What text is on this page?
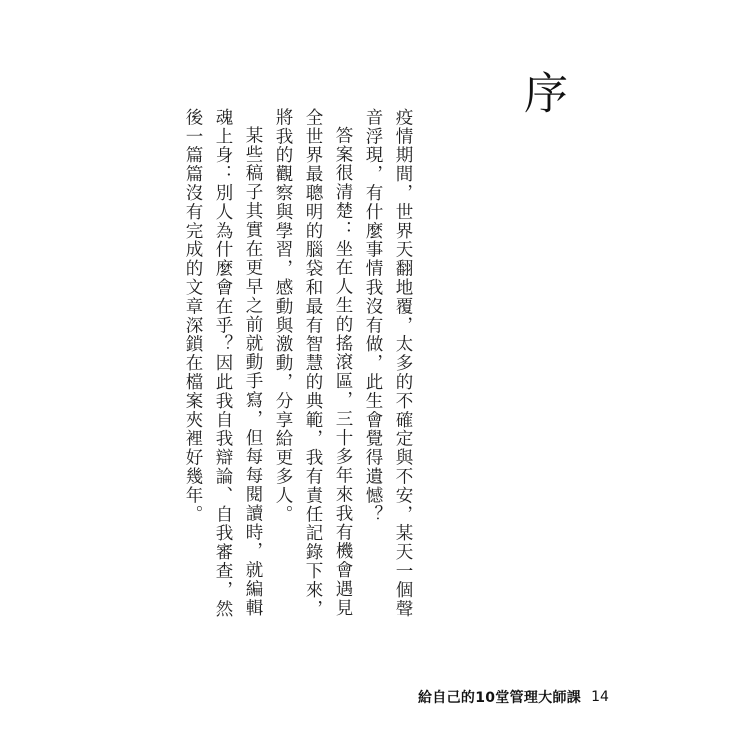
序

疫情期間，世界天翻地覆，太多的不確定與不安，某天一個聲音浮現，有什麼事情我沒有做，此生會覺得遺憾？

答案很清楚：坐在人生的搖滾區，三十多年來我有機會遇見全世界最聰明的腦袋和最有智慧的典範，我有責任記錄下來，將我的觀察與學習，感動與激動，分享給更多人。

某些稿子其實在更早之前就動手寫，但每每閱讀時，就編輯魂上身：別人為什麼會在乎？因此我自我辯論、自我審查，然後一篇篇沒有完成的文章深鎖在檔案夾裡好幾年。

給自己的10堂管理大師課 14
